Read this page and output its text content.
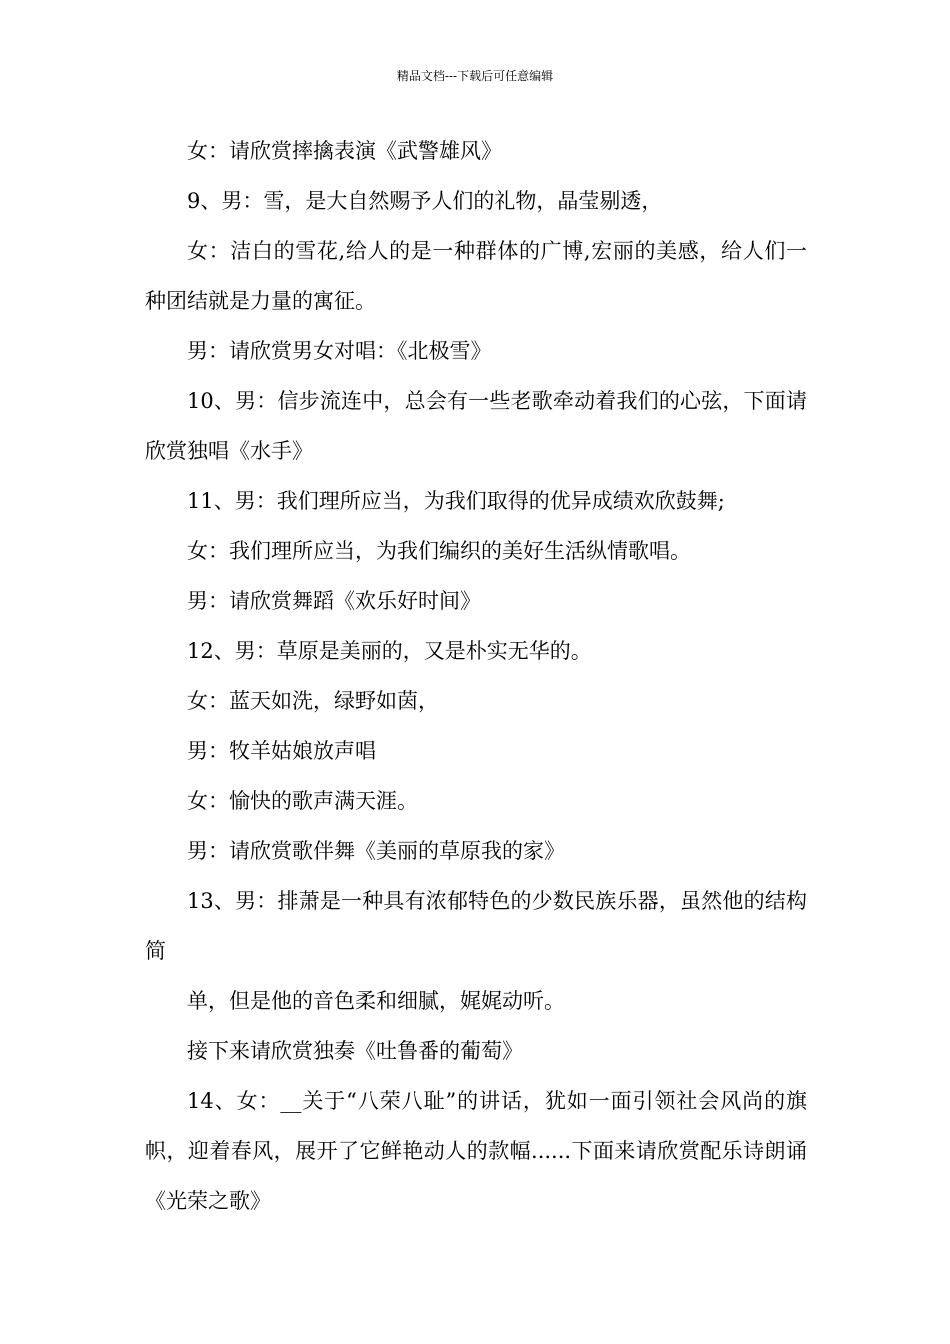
精品文档---下载后可任意编辑

女：请欣赏摔擒表演《武警雄风》

9、男：雪，是大自然赐予人们的礼物，晶莹剔透，

女：洁白的雪花,给人的是一种群体的广博,宏丽的美感，给人们一种团结就是力量的寓征。

男：请欣赏男女对唱：《北极雪》

10、男：信步流连中，总会有一些老歌牵动着我们的心弦，下面请欣赏独唱《水手》

11、男：我们理所应当，为我们取得的优异成绩欢欣鼓舞;

女：我们理所应当，为我们编织的美好生活纵情歌唱。

男：请欣赏舞蹈《欢乐好时间》

12、男：草原是美丽的，又是朴实无华的。

女：蓝天如洗，绿野如茵，

男：牧羊姑娘放声唱

女：愉快的歌声满天涯。

男：请欣赏歌伴舞《美丽的草原我的家》

13、男：排萧是一种具有浓郁特色的少数民族乐器，虽然他的结构简

单，但是他的音色柔和细腻，娓娓动听。

接下来请欣赏独奏《吐鲁番的葡萄》

14、女：__关于“八荣八耻”的讲话，犹如一面引领社会风尚的旗帜，迎着春风，展开了它鲜艳动人的款幅......下面来请欣赏配乐诗朗诵《光荣之歌》
